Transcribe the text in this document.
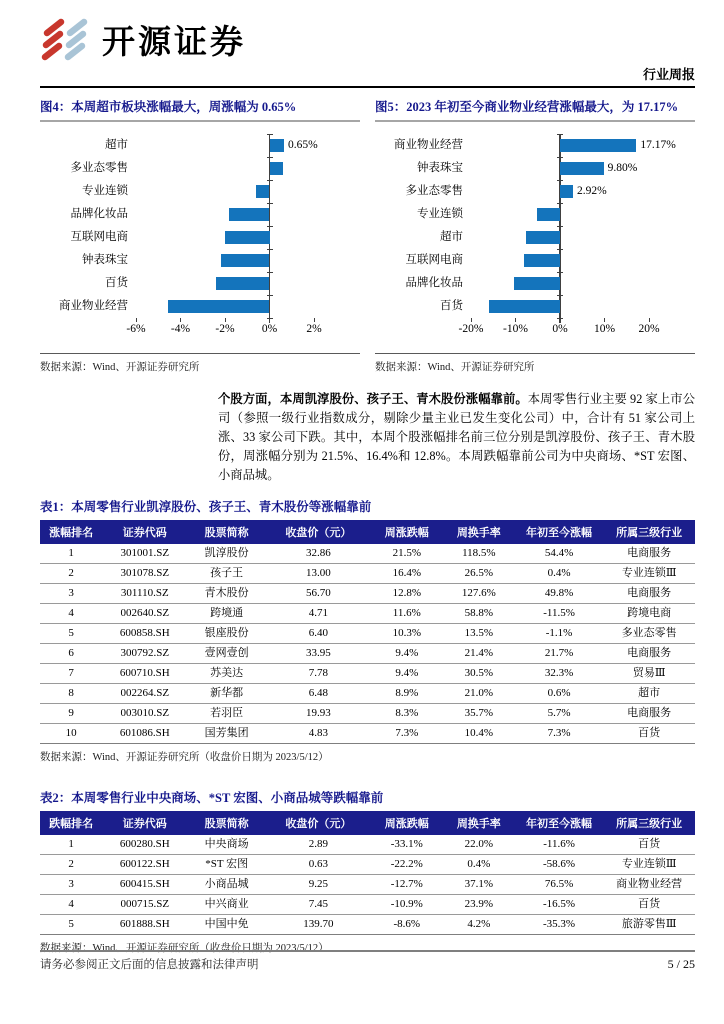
开源证券
行业周报
图4：本周超市板块涨幅最大，周涨幅为 0.65%
超市
多业态零售
专业连锁
品牌化妆品
互联网电商
钟表珠宝
百货
商业物业经营
0.65%
-6% -4% -2% 0%	2%
数据来源：Wind、开源证券研究所
图5：2023 年初至今商业物业经营涨幅最大，为 17.17%
商业物业经营
钟表珠宝
多业态零售
专业连锁
超市
互联网电商
品牌化妆品
百货
17.17%
9.80%
2.92%
-20% -10% 0% 10% 20%
数据来源：Wind、开源证券研究所
个股方面，本周凯淳股份、孩子王、青木股份涨幅靠前。本周零售行业主要 92 家上市公司（参照一级行业指数成分，剔除少量主业已发生变化公司）中，合计有 51 家公司上涨、33 家公司下跌。其中，本周个股涨幅排名前三位分别是凯淳股份、孩子王、青木股份，周涨幅分别为 21.5%、16.4%和 12.8%。本周跌幅靠前公司为中央商场、*ST 宏图、小商品城。
表1：本周零售行业凯淳股份、孩子王、青木股份等涨幅靠前
涨幅排名	证券代码	股票简称	收盘价（元）	周涨跌幅	周换手率	年初至今涨幅	所属三级行业
1	301001.SZ	凯淳股份	32.86	21.5%	118.5%	54.4%	电商服务
2	301078.SZ	孩子王	13.00	16.4%	26.5%	0.4%	专业连锁Ⅲ
3	301110.SZ	青木股份	56.70	12.8%	127.6%	49.8%	电商服务
4	002640.SZ	跨境通	4.71	11.6%	58.8%	-11.5%	跨境电商
5	600858.SH	银座股份	6.40	10.3%	13.5%	-1.1%	多业态零售
6	300792.SZ	壹网壹创	33.95	9.4%	21.4%	21.7%	电商服务
7	600710.SH	苏美达	7.78	9.4%	30.5%	32.3%	贸易Ⅲ
8	002264.SZ	新华都	6.48	8.9%	21.0%	0.6%	超市
9	003010.SZ	若羽臣	19.93	8.3%	35.7%	5.7%	电商服务
10	601086.SH	国芳集团	4.83	7.3%	10.4%	7.3%	百货
数据来源：Wind、开源证券研究所（收盘价日期为 2023/5/12）
表2：本周零售行业中央商场、*ST 宏图、小商品城等跌幅靠前
跌幅排名	证券代码	股票简称	收盘价（元）	周涨跌幅	周换手率	年初至今涨幅	所属三级行业
1	600280.SH	中央商场	2.89	-33.1%	22.0%	-11.6%	百货
2	600122.SH	*ST 宏图	0.63	-22.2%	0.4%	-58.6%	专业连锁Ⅲ
3	600415.SH	小商品城	9.25	-12.7%	37.1%	76.5%	商业物业经营
4	000715.SZ	中兴商业	7.45	-10.9%	23.9%	-16.5%	百货
5	601888.SH	中国中免	139.70	-8.6%	4.2%	-35.3%	旅游零售Ⅲ
数据来源：Wind、开源证券研究所（收盘价日期为 2023/5/12）
请务必参阅正文后面的信息披露和法律声明	5 / 25
